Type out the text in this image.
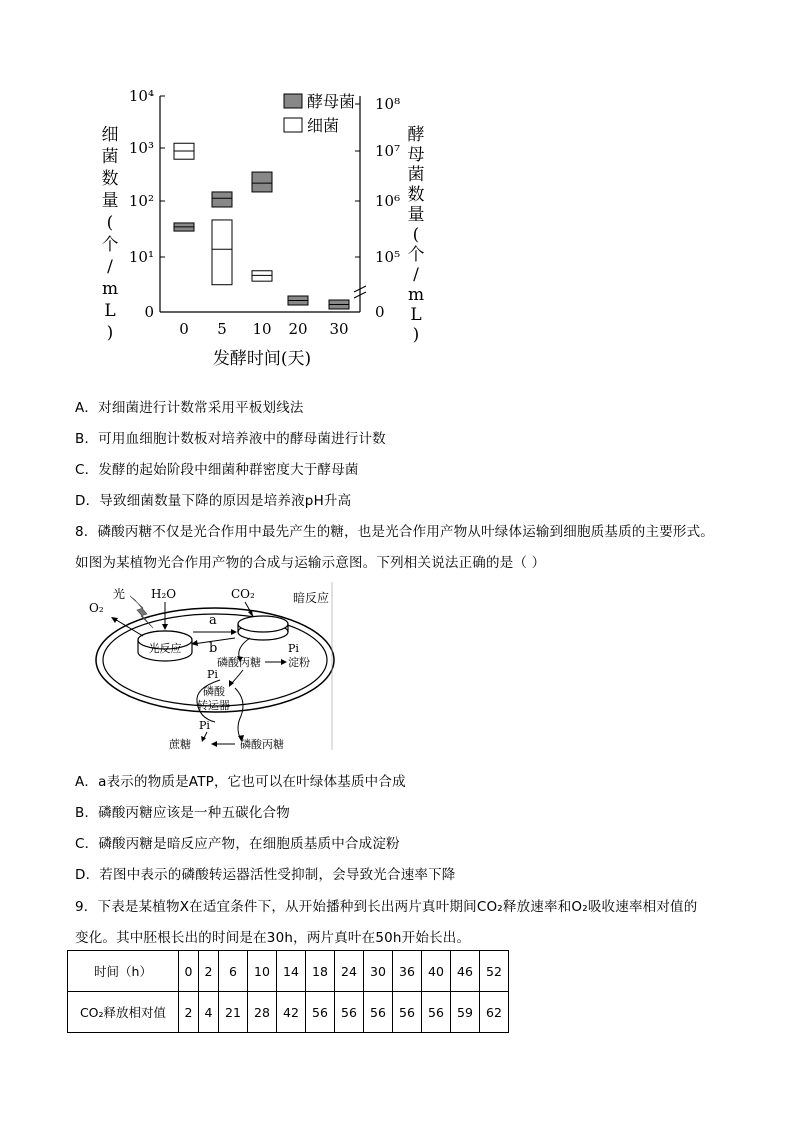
0
10¹
10²
10³
10⁴
0
10⁵
10⁶
10⁷
10⁸
0 5 10 20 30
发酵时间(天)
细
菌
数
量
(
个
/
m
L
)
酵
母
菌
数
量
(
个
/
m
L
)
酵母菌
细菌
A．对细菌进行计数常采用平板划线法
B．可用血细胞计数板对培养液中的酵母菌进行计数
C．发酵的起始阶段中细菌种群密度大于酵母菌
D．导致细菌数量下降的原因是培养液pH升高
8．磷酸丙糖不仅是光合作用中最先产生的糖，也是光合作用产物从叶绿体运输到细胞质基质的主要形式。
如图为某植物光合作用产物的合成与运输示意图。下列相关说法正确的是（ ）
光反应
暗反应
CO₂
光 H₂O
O₂
a
b
磷酸丙糖
Pi
淀粉
Pi
磷酸
转运器
Pi
蔗糖	磷酸丙糖
A．a表示的物质是ATP，它也可以在叶绿体基质中合成
B．磷酸丙糖应该是一种五碳化合物
C．磷酸丙糖是暗反应产物，在细胞质基质中合成淀粉
D．若图中表示的磷酸转运器活性受抑制，会导致光合速率下降
9．下表是某植物X在适宜条件下，从开始播种到长出两片真叶期间CO₂释放速率和O₂吸收速率相对值的
变化。其中胚根长出的时间是在30h，两片真叶在50h开始长出。
时间（h）	0	2	6	10	14	18	24	30	36	40	46	52
CO₂释放相对值	2	4	21	28	42	56	56	56	56	56	59	62
